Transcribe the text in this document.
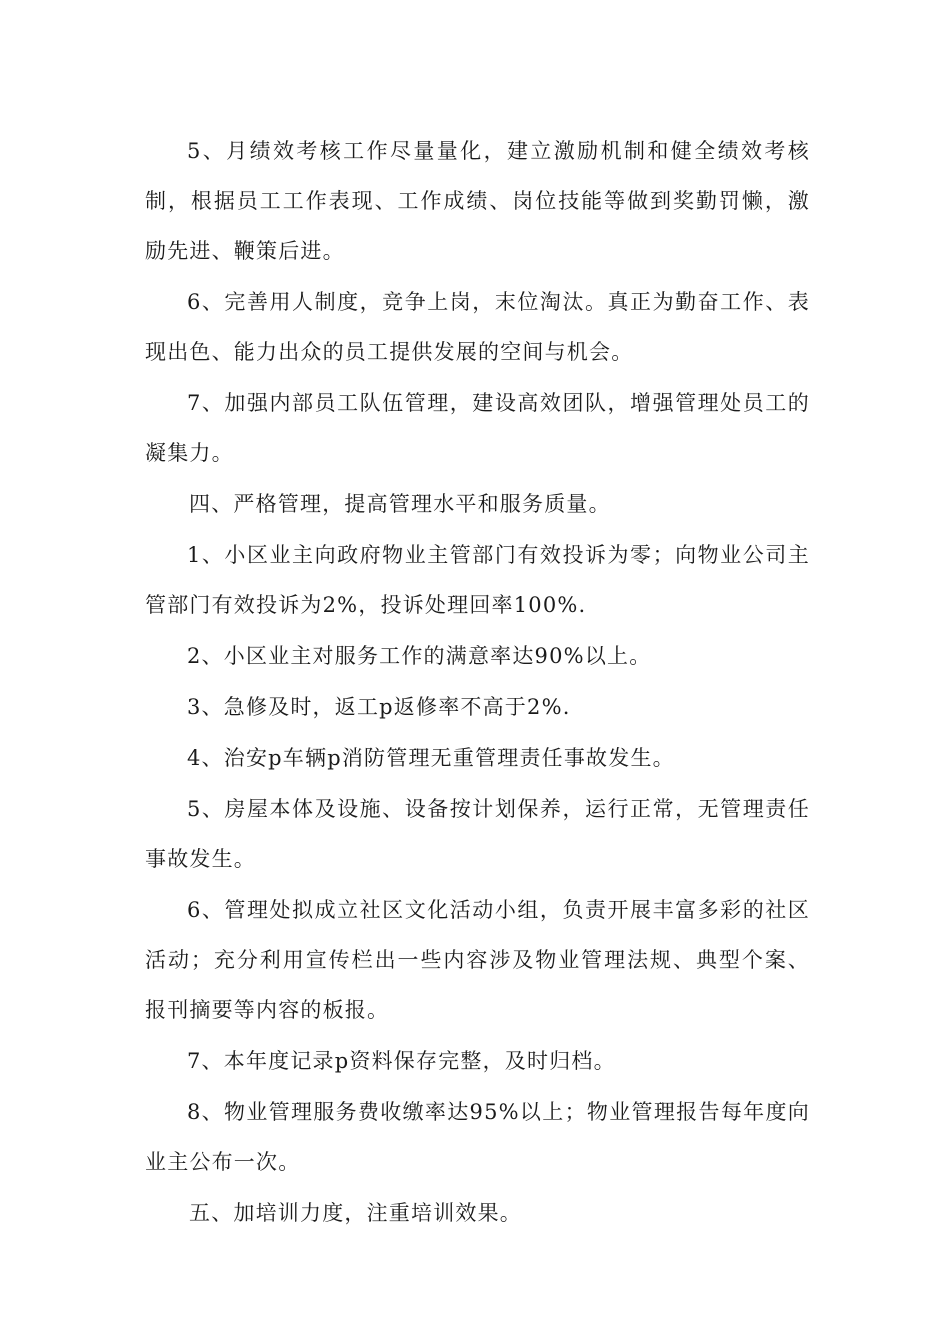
5、月绩效考核工作尽量量化，建立激励机制和健全绩效考核制，根据员工工作表现、工作成绩、岗位技能等做到奖勤罚懒，激励先进、鞭策后进。

6、完善用人制度，竞争上岗，末位淘汰。真正为勤奋工作、表现出色、能力出众的员工提供发展的空间与机会。

7、加强内部员工队伍管理，建设高效团队，增强管理处员工的凝集力。

四、严格管理，提高管理水平和服务质量。

1、小区业主向政府物业主管部门有效投诉为零；向物业公司主管部门有效投诉为2%，投诉处理回率100%.

2、小区业主对服务工作的满意率达90%以上。

3、急修及时，返工p返修率不高于2%.

4、治安p车辆p消防管理无重管理责任事故发生。

5、房屋本体及设施、设备按计划保养，运行正常，无管理责任事故发生。

6、管理处拟成立社区文化活动小组，负责开展丰富多彩的社区活动；充分利用宣传栏出一些内容涉及物业管理法规、典型个案、报刊摘要等内容的板报。

7、本年度记录p资料保存完整，及时归档。

8、物业管理服务费收缴率达95%以上；物业管理报告每年度向业主公布一次。

五、加培训力度，注重培训效果。
